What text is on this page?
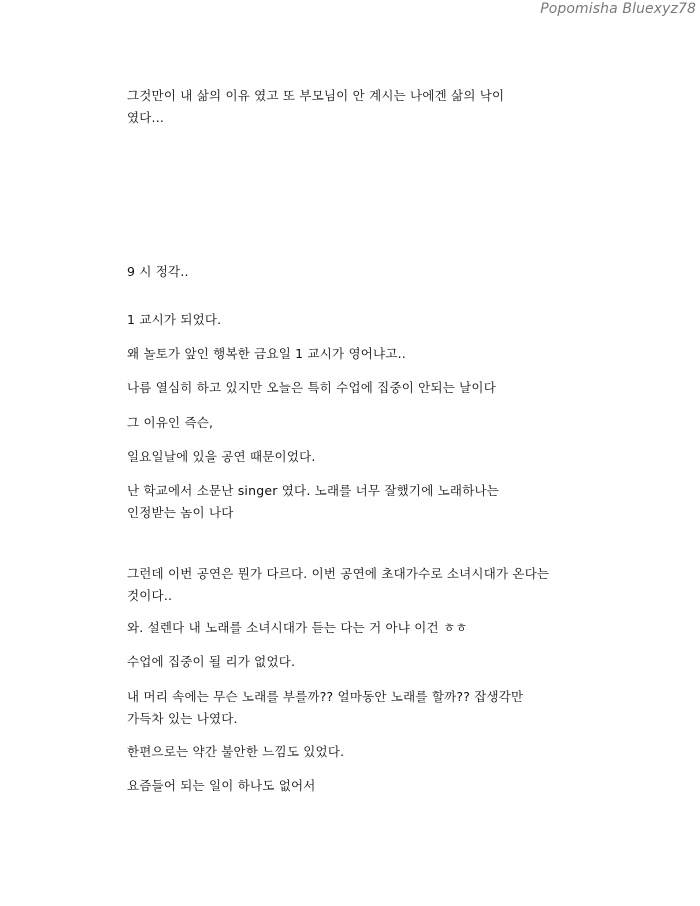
Popomisha Bluexyz78
그것만이 내 삶의 이유 였고 또 부모님이 안 계시는 나에겐 삶의 낙이
였다...
9 시 정각..
1 교시가 되었다.
왜 놀토가 앞인 행복한 금요일 1 교시가 영어냐고..
나름 열심히 하고 있지만 오늘은 특히 수업에 집중이 안되는 날이다
그 이유인 즉슨,
일요일날에 있을 공연 때문이었다.
난 학교에서 소문난 singer 였다. 노래를 너무 잘했기에 노래하나는
인정받는 놈이 나다
그런데 이번 공연은 뭔가 다르다. 이번 공연에 초대가수로 소녀시대가 온다는
것이다..
와. 설렌다 내 노래를 소녀시대가 듣는 다는 거 아냐 이건 ㅎㅎ
수업에 집중이 될 리가 없었다.
내 머리 속에는 무슨 노래를 부를까?? 얼마동안 노래를 할까?? 잡생각만
가득차 있는 나였다.
한편으로는 약간 불안한 느낌도 있었다.
요즘들어 되는 일이 하나도 없어서
